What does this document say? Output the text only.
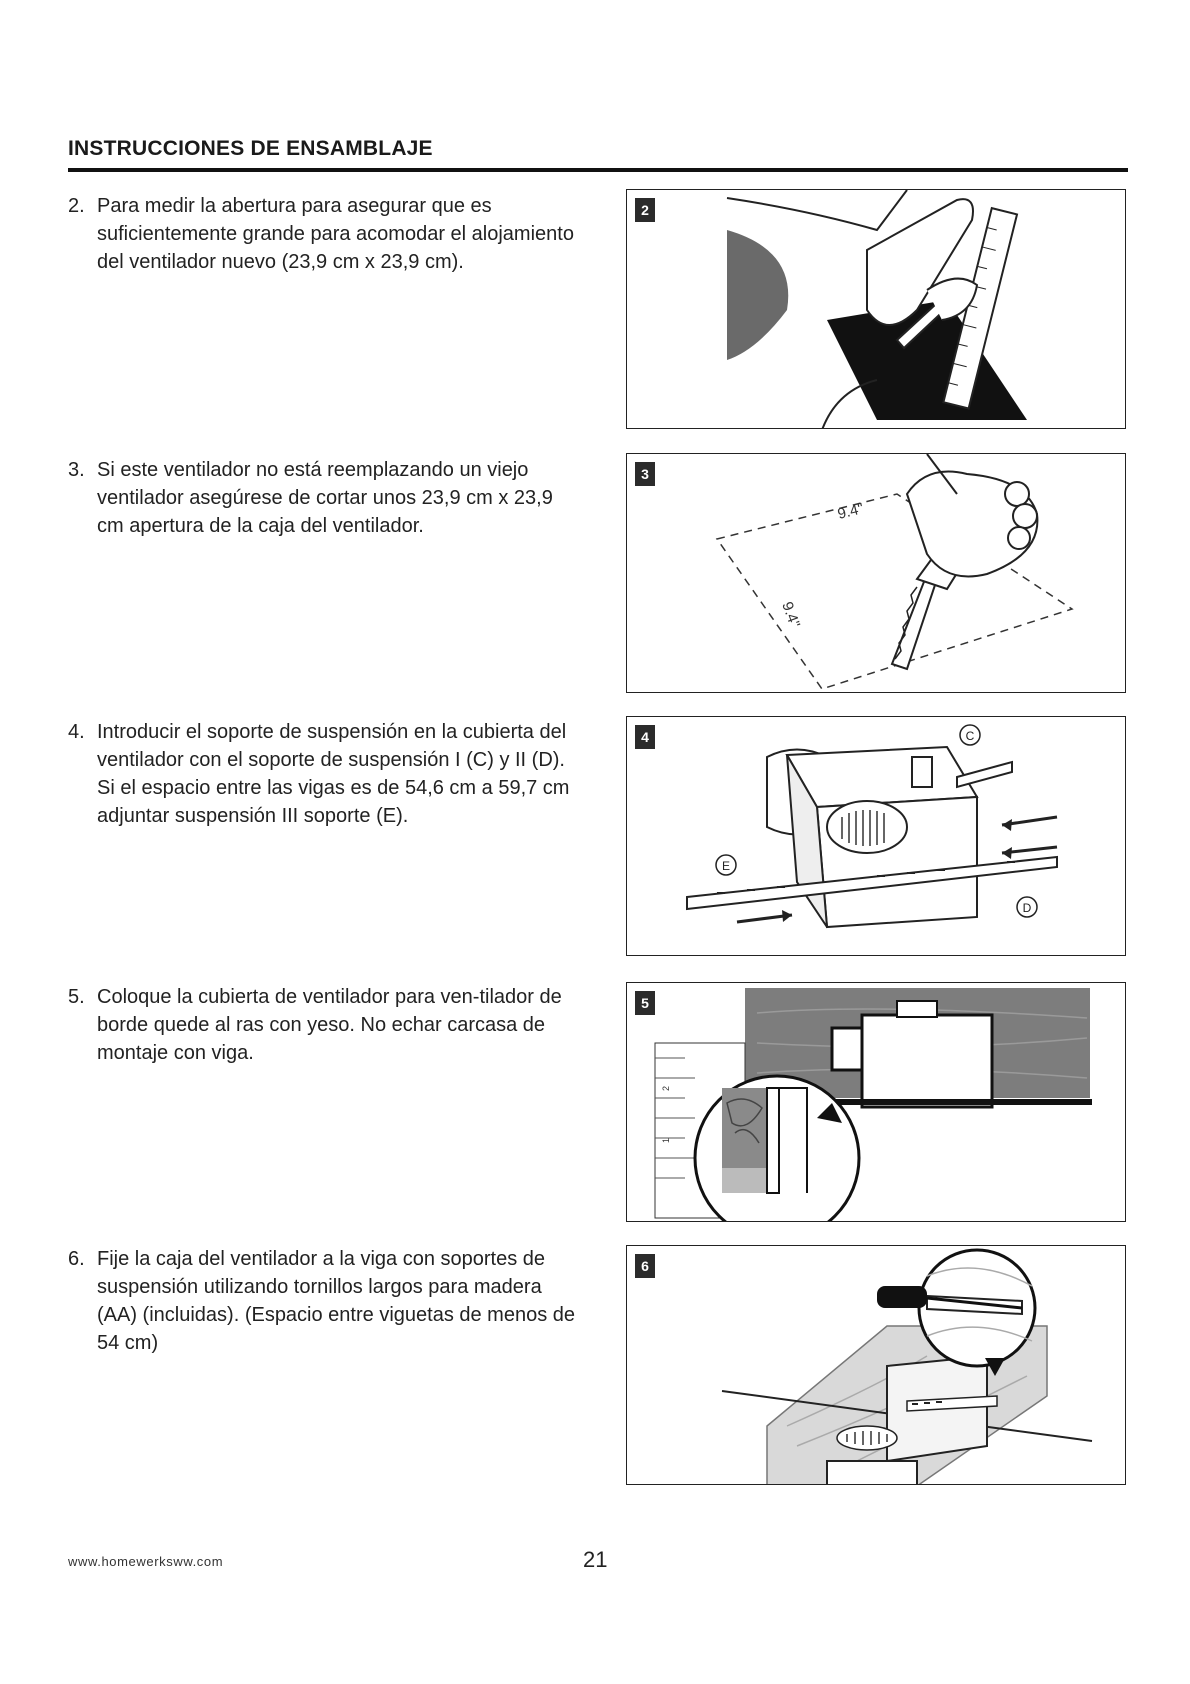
INSTRUCCIONES DE ENSAMBLAJE
2. Para medir la abertura para asegurar que es suficientemente grande para acomodar el alojamiento del ventilador nuevo (23,9 cm x 23,9 cm).
2
3. Si este ventilador no está reemplazando un viejo ventilador asegúrese de cortar unos 23,9 cm x 23,9 cm apertura de la caja del ventilador.
3
9.4"
9.4"
4. Introducir el soporte de suspensión en la cubierta del ventilador con el soporte de suspensión I (C) y II (D). Si el espacio entre las vigas es de 54,6 cm a 59,7 cm adjuntar suspensión III soporte (E).
4	C
E
D
5. Coloque la cubierta de ventilador para ven-tilador de borde quede al ras con yeso. No echar carcasa de montaje con viga.
5
2
1
6. Fije la caja del ventilador a la viga con soportes de suspensión utilizando tornillos largos para madera (AA) (incluidas). (Espacio entre viguetas de menos de 54 cm)
6
www.homewerksww.com	21
